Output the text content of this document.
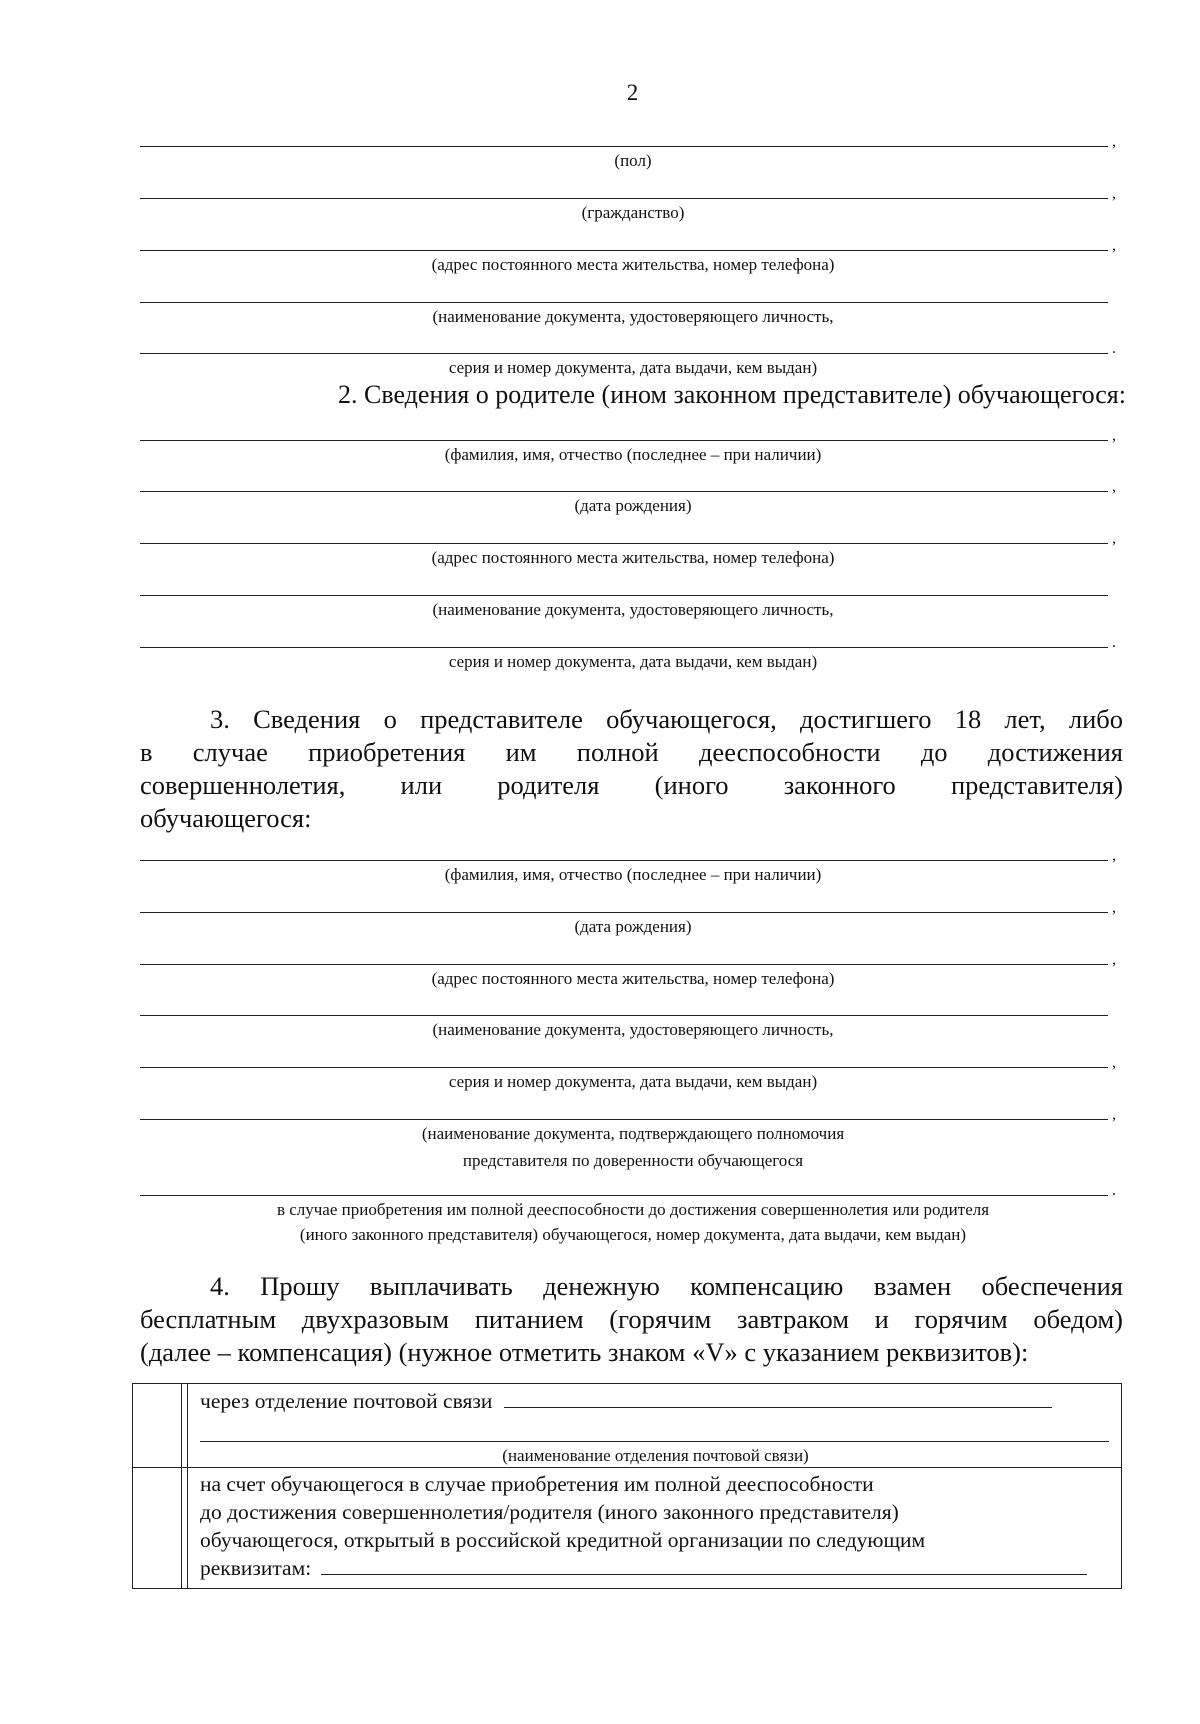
2
,
(пол)
,
(гражданство)
,
(адрес постоянного места жительства, номер телефона)
(наименование документа, удостоверяющего личность,
.
серия и номер документа, дата выдачи, кем выдан)
2. Сведения о родителе (ином законном представителе) обучающегося:
,
(фамилия, имя, отчество (последнее – при наличии)
,
(дата рождения)
,
(адрес постоянного места жительства, номер телефона)
(наименование документа, удостоверяющего личность,
.
серия и номер документа, дата выдачи, кем выдан)
3. Сведения о представителе обучающегося, достигшего 18 лет, либо
в случае приобретения им полной дееспособности до достижения
совершеннолетия, или родителя (иного законного представителя)
обучающегося:
,
(фамилия, имя, отчество (последнее – при наличии)
,
(дата рождения)
,
(адрес постоянного места жительства, номер телефона)
(наименование документа, удостоверяющего личность,
,
серия и номер документа, дата выдачи, кем выдан)
,
(наименование документа, подтверждающего полномочия
представителя по доверенности обучающегося
.
в случае приобретения им полной дееспособности до достижения совершеннолетия или родителя
(иного законного представителя) обучающегося, номер документа, дата выдачи, кем выдан)
4. Прошу выплачивать денежную компенсацию взамен обеспечения
бесплатным двухразовым питанием (горячим завтраком и горячим обедом)
(далее – компенсация) (нужное отметить знаком «V» с указанием реквизитов):

		через отделение почтовой связи
(наименование отделения почтовой связи)

		на счет обучающегося в случае приобретения им полной дееспособности
до достижения совершеннолетия/родителя (иного законного представителя)
обучающегося, открытый в российской кредитной организации по следующим
реквизитам:
